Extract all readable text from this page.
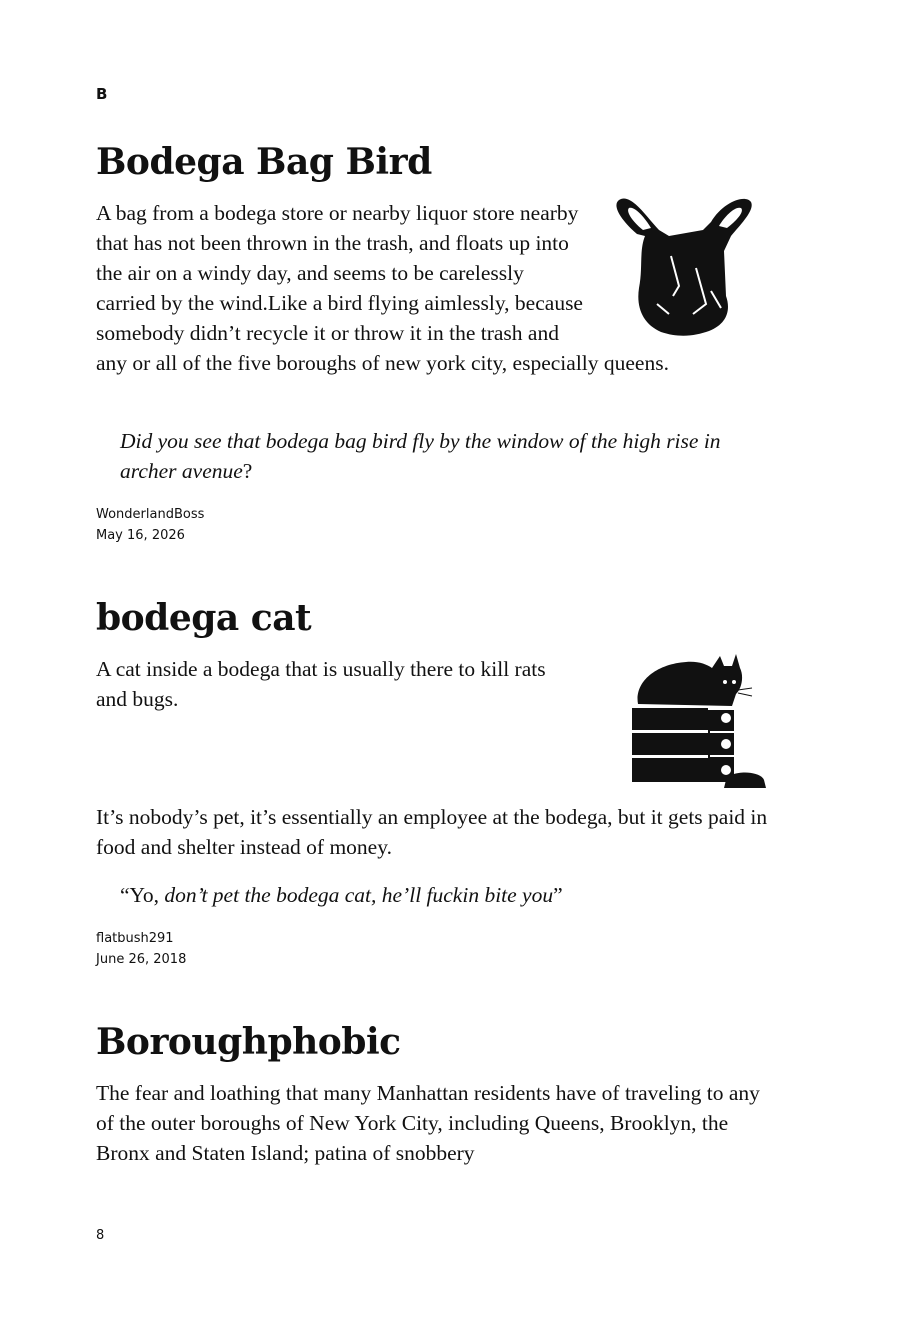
B
Bodega Bag Bird
A bag from a bodega store or nearby liquor store nearby that has not been thrown in the trash, and floats up into the air on a windy day, and seems to be carelessly carried by the wind.Like a bird flying aimlessly, because somebody didn’t recycle it or throw it in the trash and any or all of the five boroughs of new york city, especially queens.

Did you see that bodega bag bird fly by the window of the high rise in archer avenue?

WonderlandBoss
May 16, 2026
bodega cat
A cat inside a bodega that is usually there to kill rats and bugs.

It’s nobody’s pet, it’s essentially an employee at the bodega, but it gets paid in food and shelter instead of money.

“Yo, don’t pet the bodega cat, he’ll fuckin bite you”

flatbush291
June 26, 2018
Boroughphobic

The fear and loathing that many Manhattan residents have of traveling to any of the outer boroughs of New York City, including Queens, Brooklyn, the Bronx and Staten Island; patina of snobbery

8
